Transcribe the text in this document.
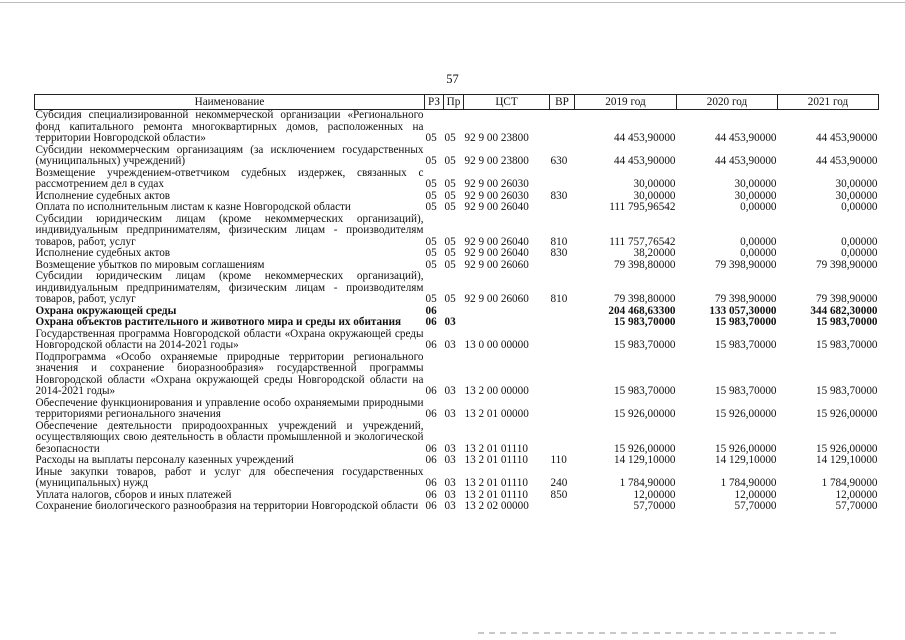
57
Наименование	РЗ	Пр	ЦСТ	ВР	2019 год	2020 год	2021 год
Субсидия специализированной некоммерческой организации «Регионального фонд капитального ремонта многоквартирных домов, расположенных на территории Новгородской области»	05	05	92 9 00 23800		44 453,90000	44 453,90000	44 453,90000
Субсидии некоммерческим организациям (за исключением государственных (муниципальных) учреждений)	05	05	92 9 00 23800	630	44 453,90000	44 453,90000	44 453,90000
Возмещение учреждением-ответчиком судебных издержек, связанных с рассмотрением дел в судах	05	05	92 9 00 26030		30,00000	30,00000	30,00000
Исполнение судебных актов	05	05	92 9 00 26030	830	30,00000	30,00000	30,00000
Оплата по исполнительным листам к казне Новгородской области	05	05	92 9 00 26040		111 795,96542	0,00000	0,00000
Субсидии юридическим лицам (кроме некоммерческих организаций), индивидуальным предпринимателям, физическим лицам - производителям товаров, работ, услуг	05	05	92 9 00 26040	810	111 757,76542	0,00000	0,00000
Исполнение судебных актов	05	05	92 9 00 26040	830	38,20000	0,00000	0,00000
Возмещение убытков по мировым соглашениям	05	05	92 9 00 26060		79 398,80000	79 398,90000	79 398,90000
Субсидии юридическим лицам (кроме некоммерческих организаций), индивидуальным предпринимателям, физическим лицам - производителям товаров, работ, услуг	05	05	92 9 00 26060	810	79 398,80000	79 398,90000	79 398,90000
Охрана окружающей среды	06				204 468,63300	133 057,30000	344 682,30000
Охрана объектов растительного и животного мира и среды их обитания	06	03			15 983,70000	15 983,70000	15 983,70000
Государственная программа Новгородской области «Охрана окружающей среды Новгородской области на 2014-2021 годы»	06	03	13 0 00 00000		15 983,70000	15 983,70000	15 983,70000
Подпрограмма «Особо охраняемые природные территории регионального значения и сохранение биоразнообразия» государственной программы Новгородской области «Охрана окружающей среды Новгородской области на 2014-2021 годы»	06	03	13 2 00 00000		15 983,70000	15 983,70000	15 983,70000
Обеспечение функционирования и управление особо охраняемыми природными территориями регионального значения	06	03	13 2 01 00000		15 926,00000	15 926,00000	15 926,00000
Обеспечение деятельности природоохранных учреждений и учреждений, осуществляющих свою деятельность в области промышленной и экологической безопасности	06	03	13 2 01 01110		15 926,00000	15 926,00000	15 926,00000
Расходы на выплаты персоналу казенных учреждений	06	03	13 2 01 01110	110	14 129,10000	14 129,10000	14 129,10000
Иные закупки товаров, работ и услуг для обеспечения государственных (муниципальных) нужд	06	03	13 2 01 01110	240	1 784,90000	1 784,90000	1 784,90000
Уплата налогов, сборов и иных платежей	06	03	13 2 01 01110	850	12,00000	12,00000	12,00000
Сохранение биологического разнообразия на территории Новгородской области	06	03	13 2 02 00000		57,70000	57,70000	57,70000
